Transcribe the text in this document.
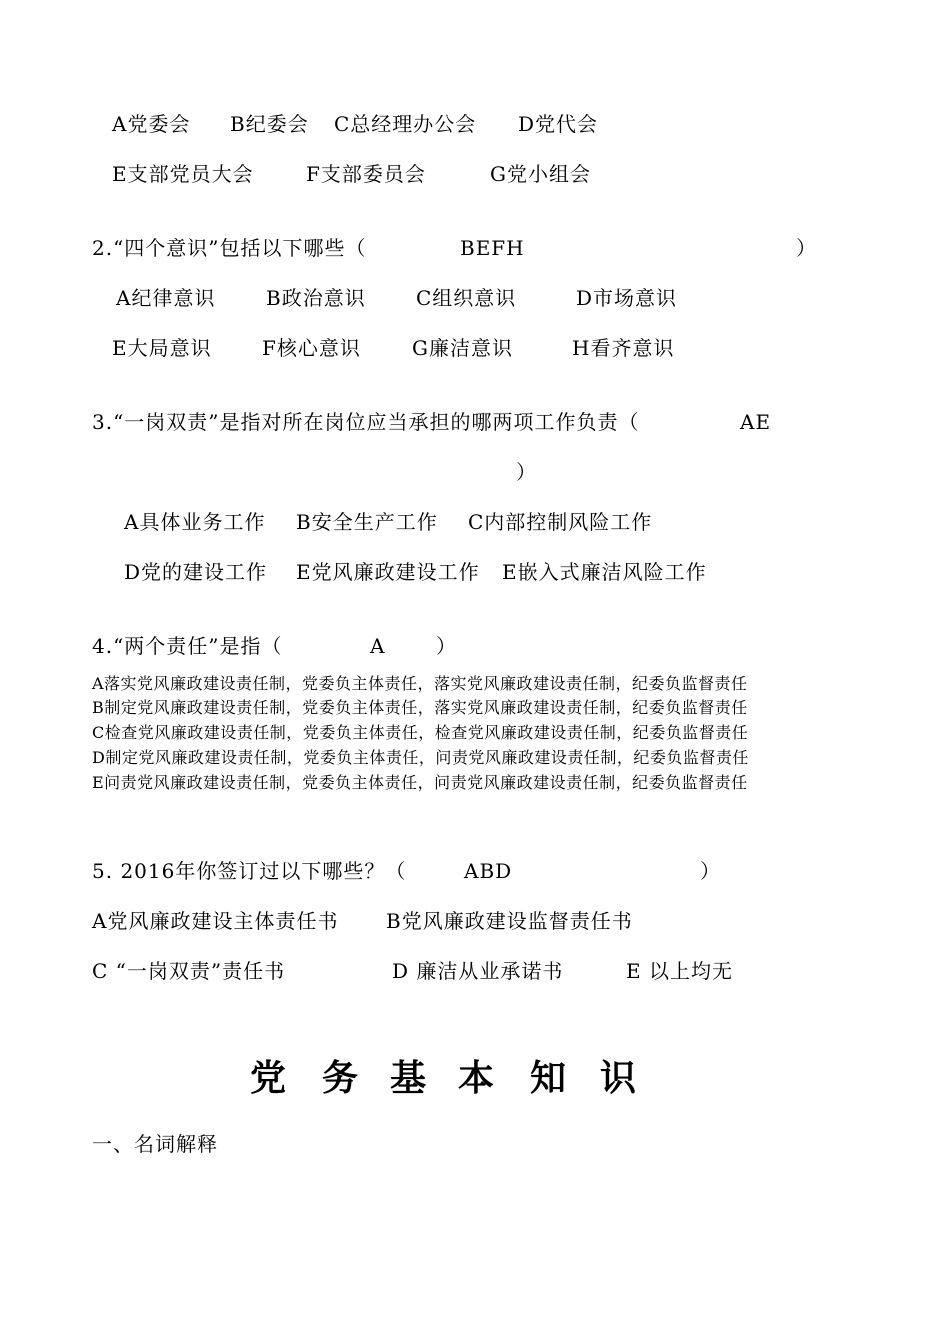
A党委会 B纪委会 C总经理办公会 D党代会
E支部党员大会	F支部委员会	G党小组会
2.“四个意识”包括以下哪些（	BEFH	）
A纪律意识	B政治意识	C组织意识	D市场意识
E大局意识	F核心意识	G廉洁意识	H看齐意识
3.“一岗双责”是指对所在岗位应当承担的哪两项工作负责（	AE
）
A具体业务工作 B安全生产工作 C内部控制风险工作
D党的建设工作 E党风廉政建设工作 E嵌入式廉洁风险工作
4.“两个责任”是指（	A	）
A落实党风廉政建设责任制，党委负主体责任，落实党风廉政建设责任制，纪委负监督责任
B制定党风廉政建设责任制，党委负主体责任，落实党风廉政建设责任制，纪委负监督责任
C检查党风廉政建设责任制，党委负主体责任，检查党风廉政建设责任制，纪委负监督责任
D制定党风廉政建设责任制，党委负主体责任，问责党风廉政建设责任制，纪委负监督责任
E问责党风廉政建设责任制，党委负主体责任，问责党风廉政建设责任制，纪委负监督责任
5. 2016年你签订过以下哪些？（	ABD	）
A党风廉政建设主体责任书 B党风廉政建设监督责任书
C “一岗双责”责任书	D 廉洁从业承诺书	E 以上均无
党 务 基 本 知 识
一、名词解释
